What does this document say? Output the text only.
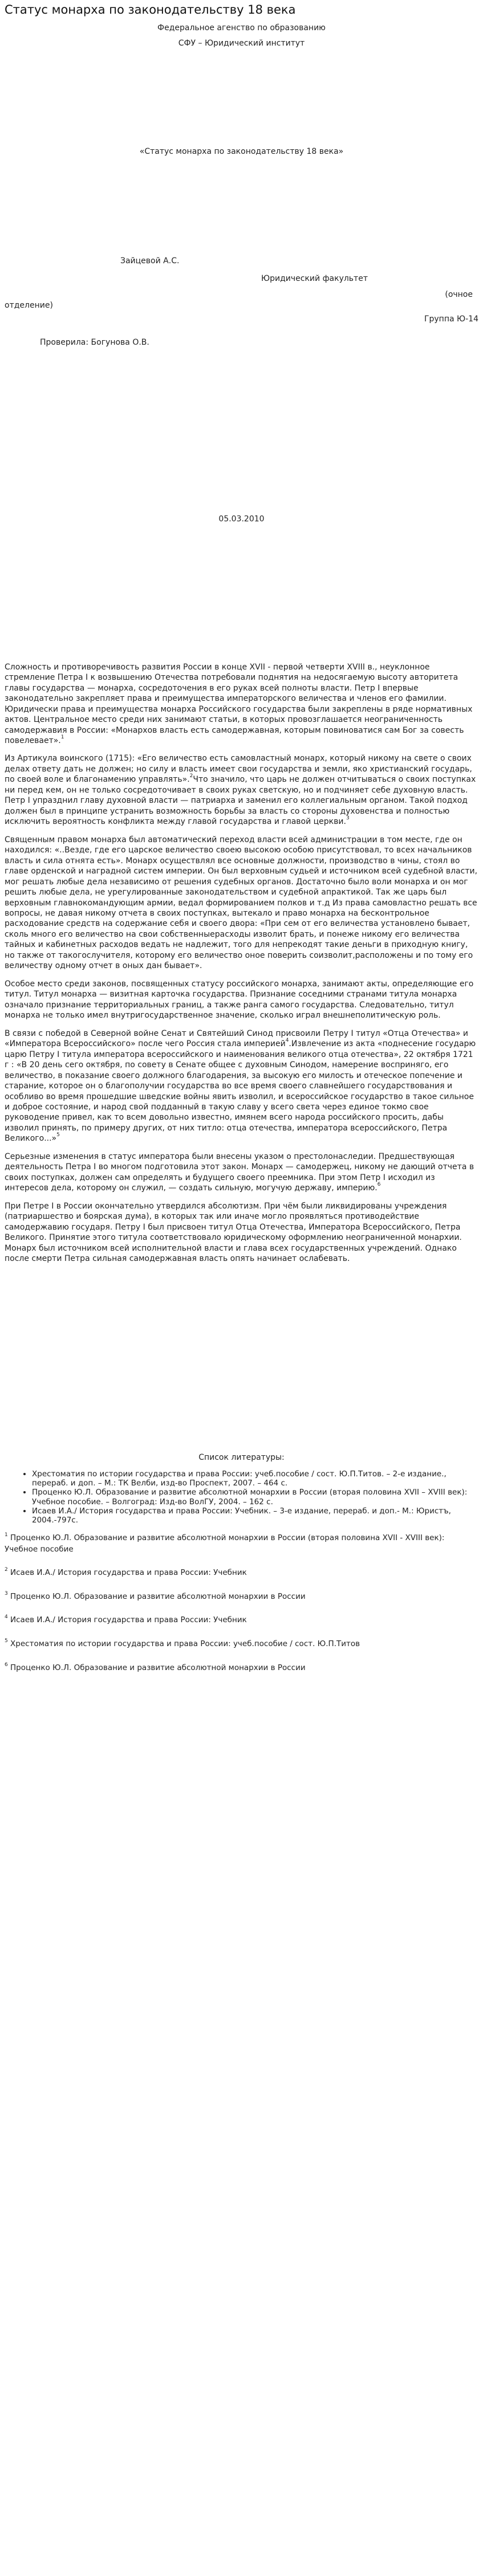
Статус монарха по законодательству 18 века

Федеральное агенство по образованию

СФУ – Юридический институт

«Статус монарха по законодательству 18 века»

Зайцевой А.С.

Юридический факультет

(очное

отделение)

Группа Ю-14

Проверила: Богунова О.В.

05.03.2010

Сложность и противоречивость развития России в конце XVII - первой четверти XVIII в., неуклонное стремление Петра I к возвышению Отечества потребовали поднятия на недосягаемую высоту авторитета главы государства — монарха, сосредоточения в его руках всей полноты власти. Петр I впервые законодательно закрепляет права и преимущества императорского величества и членов его фамилии. Юридически права и преимущества монарха Российского государства были закреплены в ряде нормативных актов. Центральное место среди них занимают статьи, в которых провозглашается неограниченность самодержавия в России: «Монархов власть есть самодержавная, которым повиноватися сам Бог за совесть повелевает».$^1$

Из Артикула воинского (1715): «Его величество есть самовластный монарх, который никому на свете о своих делах ответу дать не должен; но силу и власть имеет свои государства и земли, яко христианский государь, по своей воле и благонамению управлять».$^2$Что значило, что царь не должен отчитываться о своих поступках ни перед кем, он не только сосредоточивает в своих руках светскую, но и подчиняет себе духовную власть. Петр I упразднил главу духовной власти — патриарха и заменил его коллегиальным органом. Такой подход должен был в принципе устранить возможность борьбы за власть со стороны духовенства и полностью исключить вероятность конфликта между главой государства и главой церкви.$^3$

Священным правом монарха был автоматический переход власти всей администрации в том месте, где он находился: «..Везде, где его царское величество своею высокою особою присутствовал, то всех начальников власть и сила отнята есть». Монарх осуществлял все основные должности, производство в чины, стоял во главе орденской и наградной систем империи. Он был верховным судьей и источником всей судебной власти, мог решать любые дела независимо от решения судебных органов. Достаточно было воли монарха и он мог решить любые дела, не урегулированные законодательством и судебной апрактикой. Так же царь был верховным главнокомандующим армии, ведал формированием полков и т.д Из права самовластно решать все вопросы, не давая никому отчета в своих поступках, вытекало и право монарха на бесконтрольное расходование средств на содержание себя и своего двора: «При сем от его величества установлено бывает, сколь много его величество на свои собственныерасходы изволит брать, и понеже никому его величества тайных и кабинетных расходов ведать не надлежит, того для непрекодят такие деньги в приходную книгу, но также от такогослучителя, которому его величество оное поверить соизволит,расположены и по тому его величеству одному отчет в оных дан бывает».

Особое место среди законов, посвященных статусу российского монарха, занимают акты, определяющие его титул. Титул монарха — визитная карточка государства. Признание соседними странами титула монарха означало признание территориальных границ, а также ранга самого государства. Следовательно, титул монарха не только имел внутригосударственное значение, сколько играл внешнеполитическую роль.

В связи с победой в Северной войне Сенат и Святейший Синод присвоили Петру I титул «Отца Отечества» и «Императора Всероссийского» после чего Россия стала империей$^4$.Извлечение из акта «поднесение государю царю Петру I титула императора всероссийского и наименования великого отца отечества», 22 октября 1721 г : «В 20 день сего октября, по совету в Сенате общее с духовным Синодом, намерение восприняго, его величество, в показание своего должного благодарения, за высокую его милость и отеческое попечение и старание, которое он о благополучии государства во все время своего славнейшего государствования и особливо во время прошедшие шведские войны явить изволил, и всероссийское государство в такое сильное и доброе состояние, и народ свой подданный в такую славу у всего света через единое токмо свое руководение привел, как то всем довольно известно, имянем всего народа российского просить, дабы изволил принять, по примеру других, от них титло: отца отечества, императора всероссийского, Петра Великого...»$^5$

Серьезные изменения в статус императора были внесены указом о престолонаследии. Предшествующая деятельность Петра I во многом подготовила этот закон. Монарх — самодержец, никому не дающий отчета в своих поступках, должен сам определять и будущего своего преемника. При этом Петр I исходил из интересов дела, которому он служил, — создать сильную, могучую державу, империю.$^6$

При Петре I в России окончательно утвердился абсолютизм. При чём были ликвидированы учреждения (патриаршество и боярская дума), в которых так или иначе могло проявляться противодействие самодержавию государя. Петру I был присвоен титул Отца Отечества, Императора Всероссийского, Петра Великого. Принятие этого титула соответствовало юридическому оформлению неограниченной монархии. Монарх был источником всей исполнительной власти и глава всех государственных учреждений. Однако после смерти Петра сильная самодержавная власть опять начинает ослабевать.

Список литературы:

• Хрестоматия по истории государства и права России: учеб.пособие / сост. Ю.П.Титов. – 2-е издание., перераб. и доп. – М.: ТК Велби, изд-во Проспект, 2007. – 464 с.
• Проценко Ю.Л. Образование и развитие абсолютной монархии в России (вторая половина XVII – XVIII век): Учебное пособие. – Волгоград: Изд-во ВолГУ, 2004. – 162 с.
• Исаев И.А./ История государства и права России: Учебник. – 3-е издание, перераб. и доп.- М.: Юристъ, 2004.-797с.

$^1$ Проценко Ю.Л. Образование и развитие абсолютной монархии в России (вторая половина XVII - XVIII век): Учебное пособие

$^2$ Исаев И.А./ История государства и права России: Учебник

$^3$ Проценко Ю.Л. Образование и развитие абсолютной монархии в России

$^4$ Исаев И.А./ История государства и права России: Учебник

$^5$ Хрестоматия по истории государства и права России: учеб.пособие / сост. Ю.П.Титов

$^6$ Проценко Ю.Л. Образование и развитие абсолютной монархии в России
